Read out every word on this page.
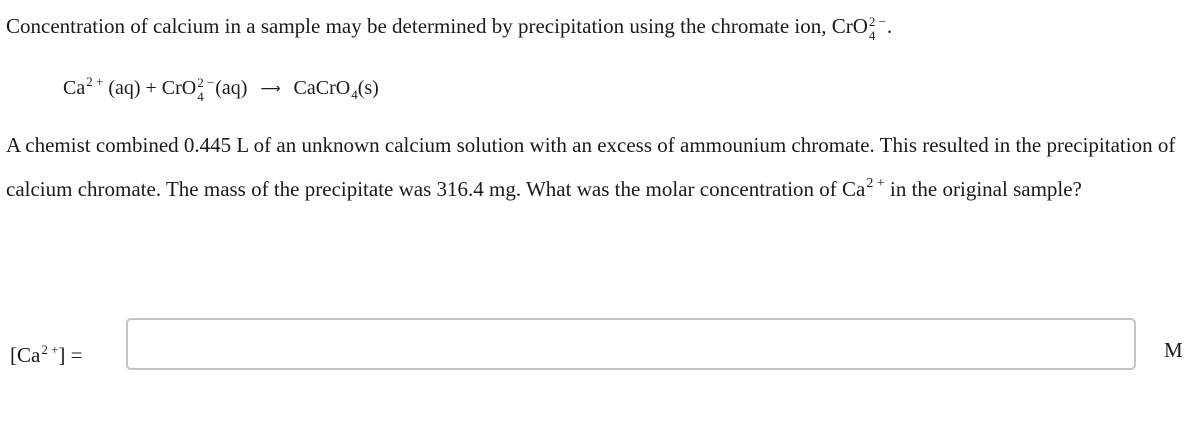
Concentration of calcium in a sample may be determined by precipitation using the chromate ion, CrO 2 −
4 .
$Ca^{2 +}$ (aq) + CrO 2 −
4 (aq) ⟶ CaCrO$_4$(s)
A chemist combined 0.445 L of an unknown calcium solution with an excess of ammounium chromate. This resulted in the precipitation of calcium chromate. The mass of the precipitate was 316.4 mg. What was the molar concentration of $Ca^{2 +}$ in the original sample?
$[Ca^{2 +}]$ =	M
